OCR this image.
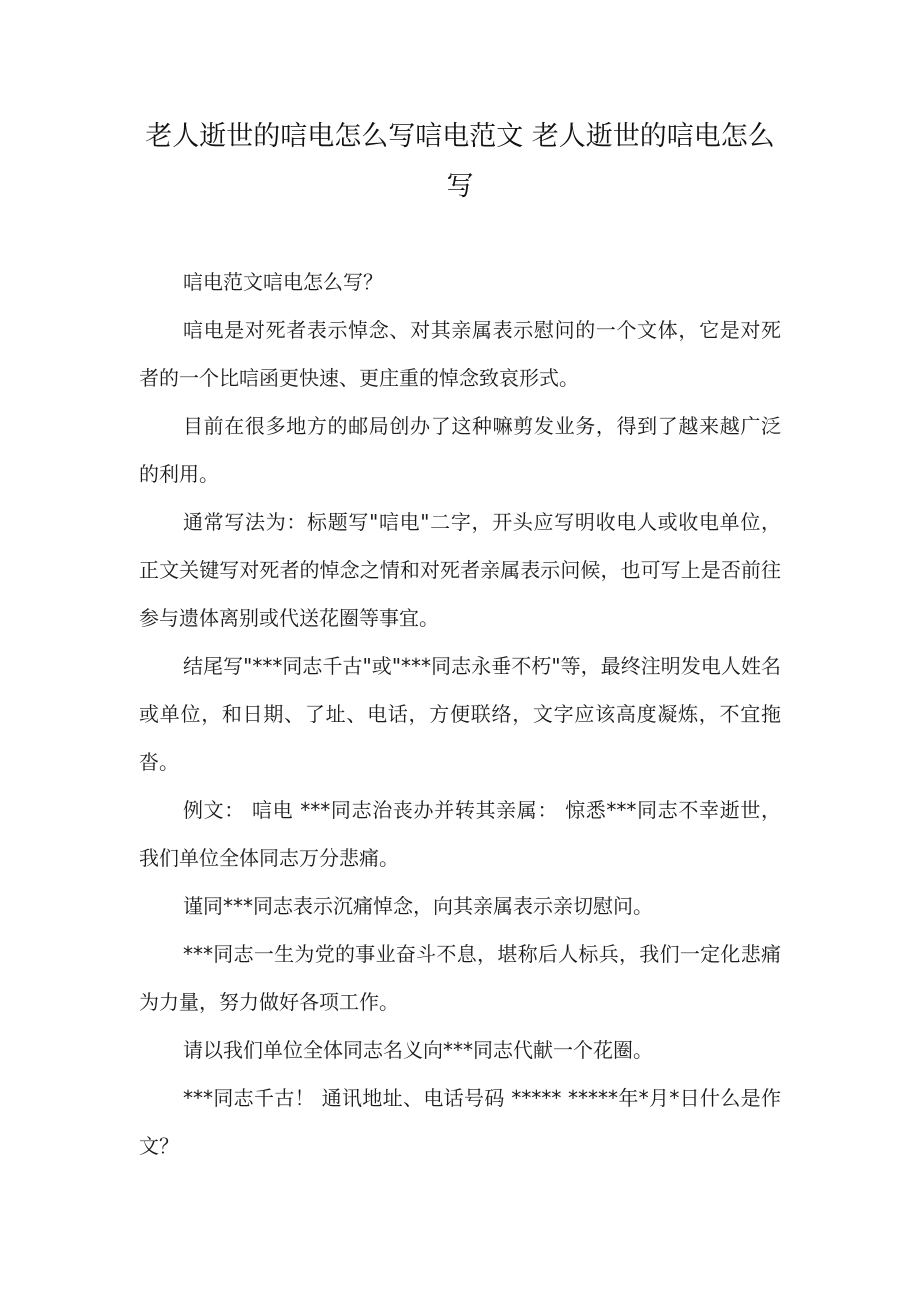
老人逝世的唁电怎么写唁电范文 老人逝世的唁电怎么写

唁电范文唁电怎么写？

唁电是对死者表示悼念、对其亲属表示慰问的一个文体，它是对死者的一个比唁函更快速、更庄重的悼念致哀形式。

目前在很多地方的邮局创办了这种嘛剪发业务，得到了越来越广泛的利用。

通常写法为：标题写"唁电"二字，开头应写明收电人或收电单位，正文关键写对死者的悼念之情和对死者亲属表示问候，也可写上是否前往参与遗体离别或代送花圈等事宜。

结尾写"***同志千古"或"***同志永垂不朽"等，最终注明发电人姓名或单位，和日期、了址、电话，方便联络，文字应该高度凝炼，不宜拖沓。

例文： 唁电 ***同志治丧办并转其亲属： 惊悉***同志不幸逝世，我们单位全体同志万分悲痛。

谨同***同志表示沉痛悼念，向其亲属表示亲切慰问。

***同志一生为党的事业奋斗不息，堪称后人标兵，我们一定化悲痛为力量，努力做好各项工作。

请以我们单位全体同志名义向***同志代献一个花圈。

***同志千古！ 通讯地址、电话号码 ***** *****年*月*日什么是作文？
